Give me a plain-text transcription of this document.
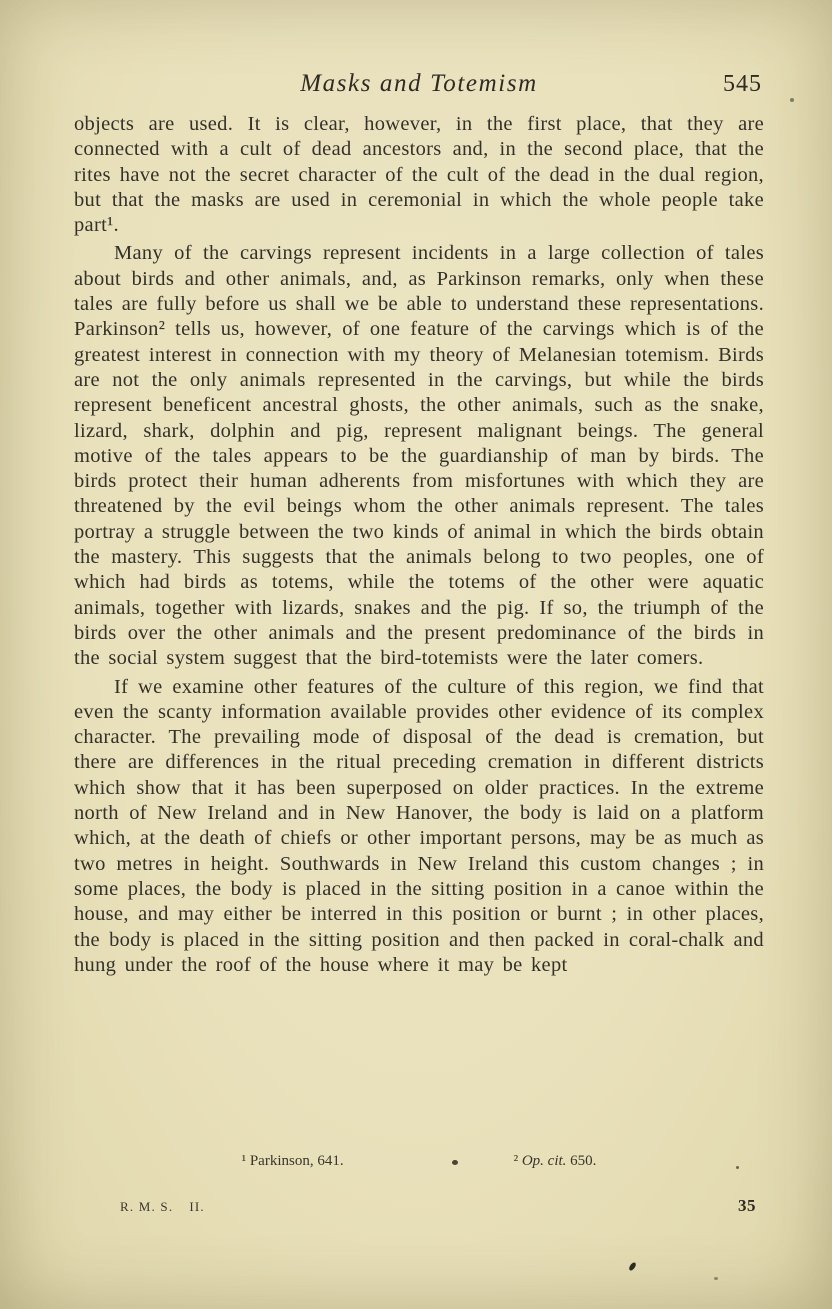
Masks and Totemism	545

objects are used. It is clear, however, in the first place, that they are connected with a cult of dead ancestors and, in the second place, that the rites have not the secret character of the cult of the dead in the dual region, but that the masks are used in ceremonial in which the whole people take part¹.

Many of the carvings represent incidents in a large collection of tales about birds and other animals, and, as Parkinson remarks, only when these tales are fully before us shall we be able to understand these representations. Parkinson² tells us, however, of one feature of the carvings which is of the greatest interest in connection with my theory of Melanesian totemism. Birds are not the only animals represented in the carvings, but while the birds represent beneficent ancestral ghosts, the other animals, such as the snake, lizard, shark, dolphin and pig, represent malignant beings. The general motive of the tales appears to be the guardianship of man by birds. The birds protect their human adherents from misfortunes with which they are threatened by the evil beings whom the other animals represent. The tales portray a struggle between the two kinds of animal in which the birds obtain the mastery. This suggests that the animals belong to two peoples, one of which had birds as totems, while the totems of the other were aquatic animals, together with lizards, snakes and the pig. If so, the triumph of the birds over the other animals and the present predominance of the birds in the social system suggest that the bird-totemists were the later comers.

If we examine other features of the culture of this region, we find that even the scanty information available provides other evidence of its complex character. The prevailing mode of disposal of the dead is cremation, but there are differences in the ritual preceding cremation in different districts which show that it has been superposed on older practices. In the extreme north of New Ireland and in New Hanover, the body is laid on a platform which, at the death of chiefs or other important persons, may be as much as two metres in height. Southwards in New Ireland this custom changes ; in some places, the body is placed in the sitting position in a canoe within the house, and may either be interred in this position or burnt ; in other places, the body is placed in the sitting position and then packed in coral-chalk and hung under the roof of the house where it may be kept

¹ Parkinson, 641.	² Op. cit. 650.
R. M. S. II.	35
